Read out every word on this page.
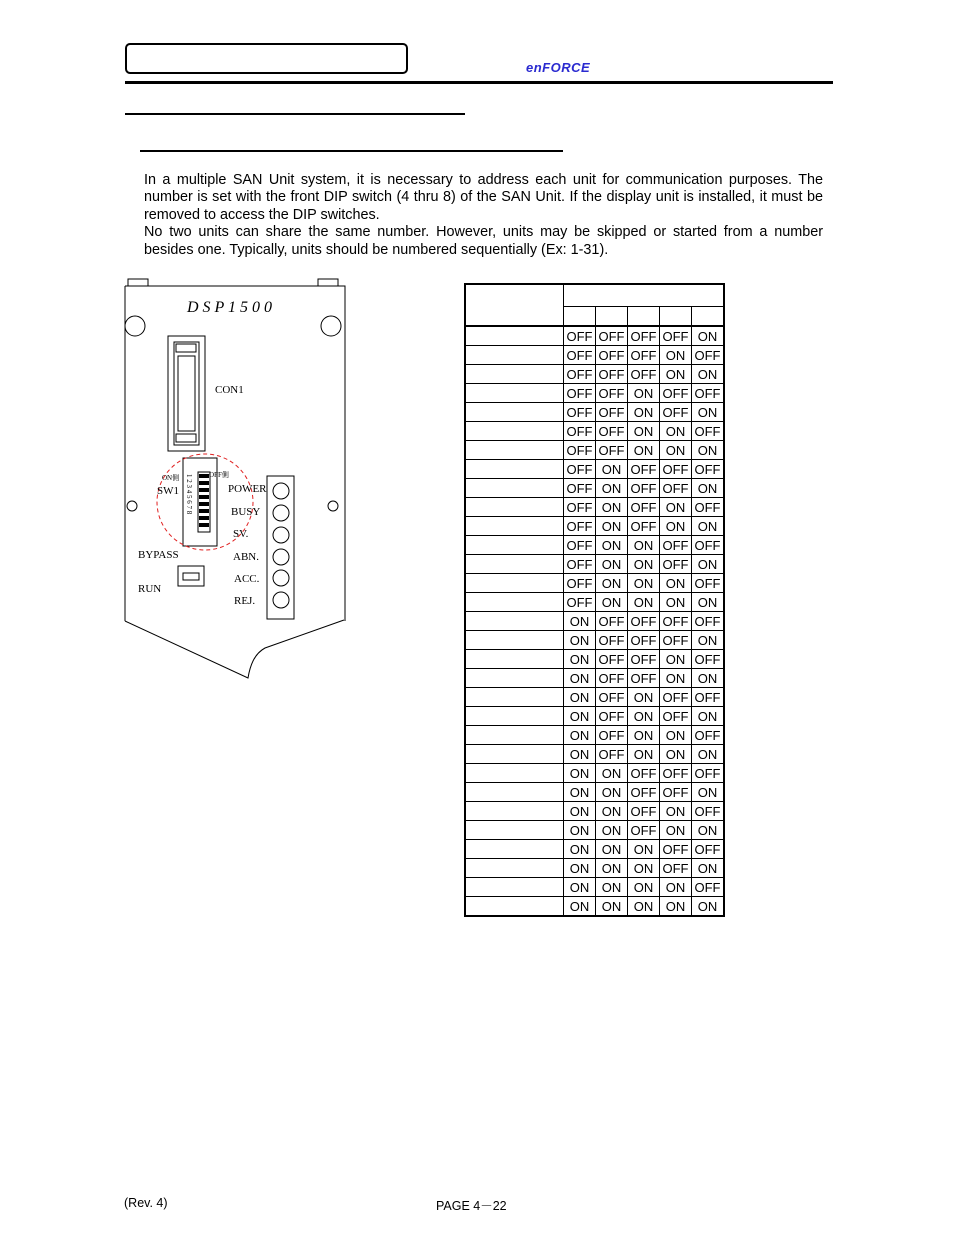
enFORCE

In a multiple SAN Unit system, it is necessary to address each unit for communication purposes. The number is set with the front DIP switch (4 thru 8) of the SAN Unit. If the display unit is installed, it must be removed to access the DIP switches.

No two units can share the same number. However, units may be skipped or started from a number besides one. Typically, units should be numbered sequentially (Ex: 1-31).

D S P 1 5 0 0
CON1
SW1
ON側	OFF側
1 2 3 4 5 6 7 8	POWER
BUSY
SV.
ABN.
ACC.
REJ.
BYPASS
RUN

	OFF	OFF	OFF	OFF	ON
	OFF	OFF	OFF	ON	OFF
	OFF	OFF	OFF	ON	ON
	OFF	OFF	ON	OFF	OFF
	OFF	OFF	ON	OFF	ON
	OFF	OFF	ON	ON	OFF
	OFF	OFF	ON	ON	ON
	OFF	ON	OFF	OFF	OFF
	OFF	ON	OFF	OFF	ON
	OFF	ON	OFF	ON	OFF
	OFF	ON	OFF	ON	ON
	OFF	ON	ON	OFF	OFF
	OFF	ON	ON	OFF	ON
	OFF	ON	ON	ON	OFF
	OFF	ON	ON	ON	ON
	ON	OFF	OFF	OFF	OFF
	ON	OFF	OFF	OFF	ON
	ON	OFF	OFF	ON	OFF
	ON	OFF	OFF	ON	ON
	ON	OFF	ON	OFF	OFF
	ON	OFF	ON	OFF	ON
	ON	OFF	ON	ON	OFF
	ON	OFF	ON	ON	ON
	ON	ON	OFF	OFF	OFF
	ON	ON	OFF	OFF	ON
	ON	ON	OFF	ON	OFF
	ON	ON	OFF	ON	ON
	ON	ON	ON	OFF	OFF
	ON	ON	ON	OFF	ON
	ON	ON	ON	ON	OFF
	ON	ON	ON	ON	ON
(Rev. 4)	PAGE 4－22
